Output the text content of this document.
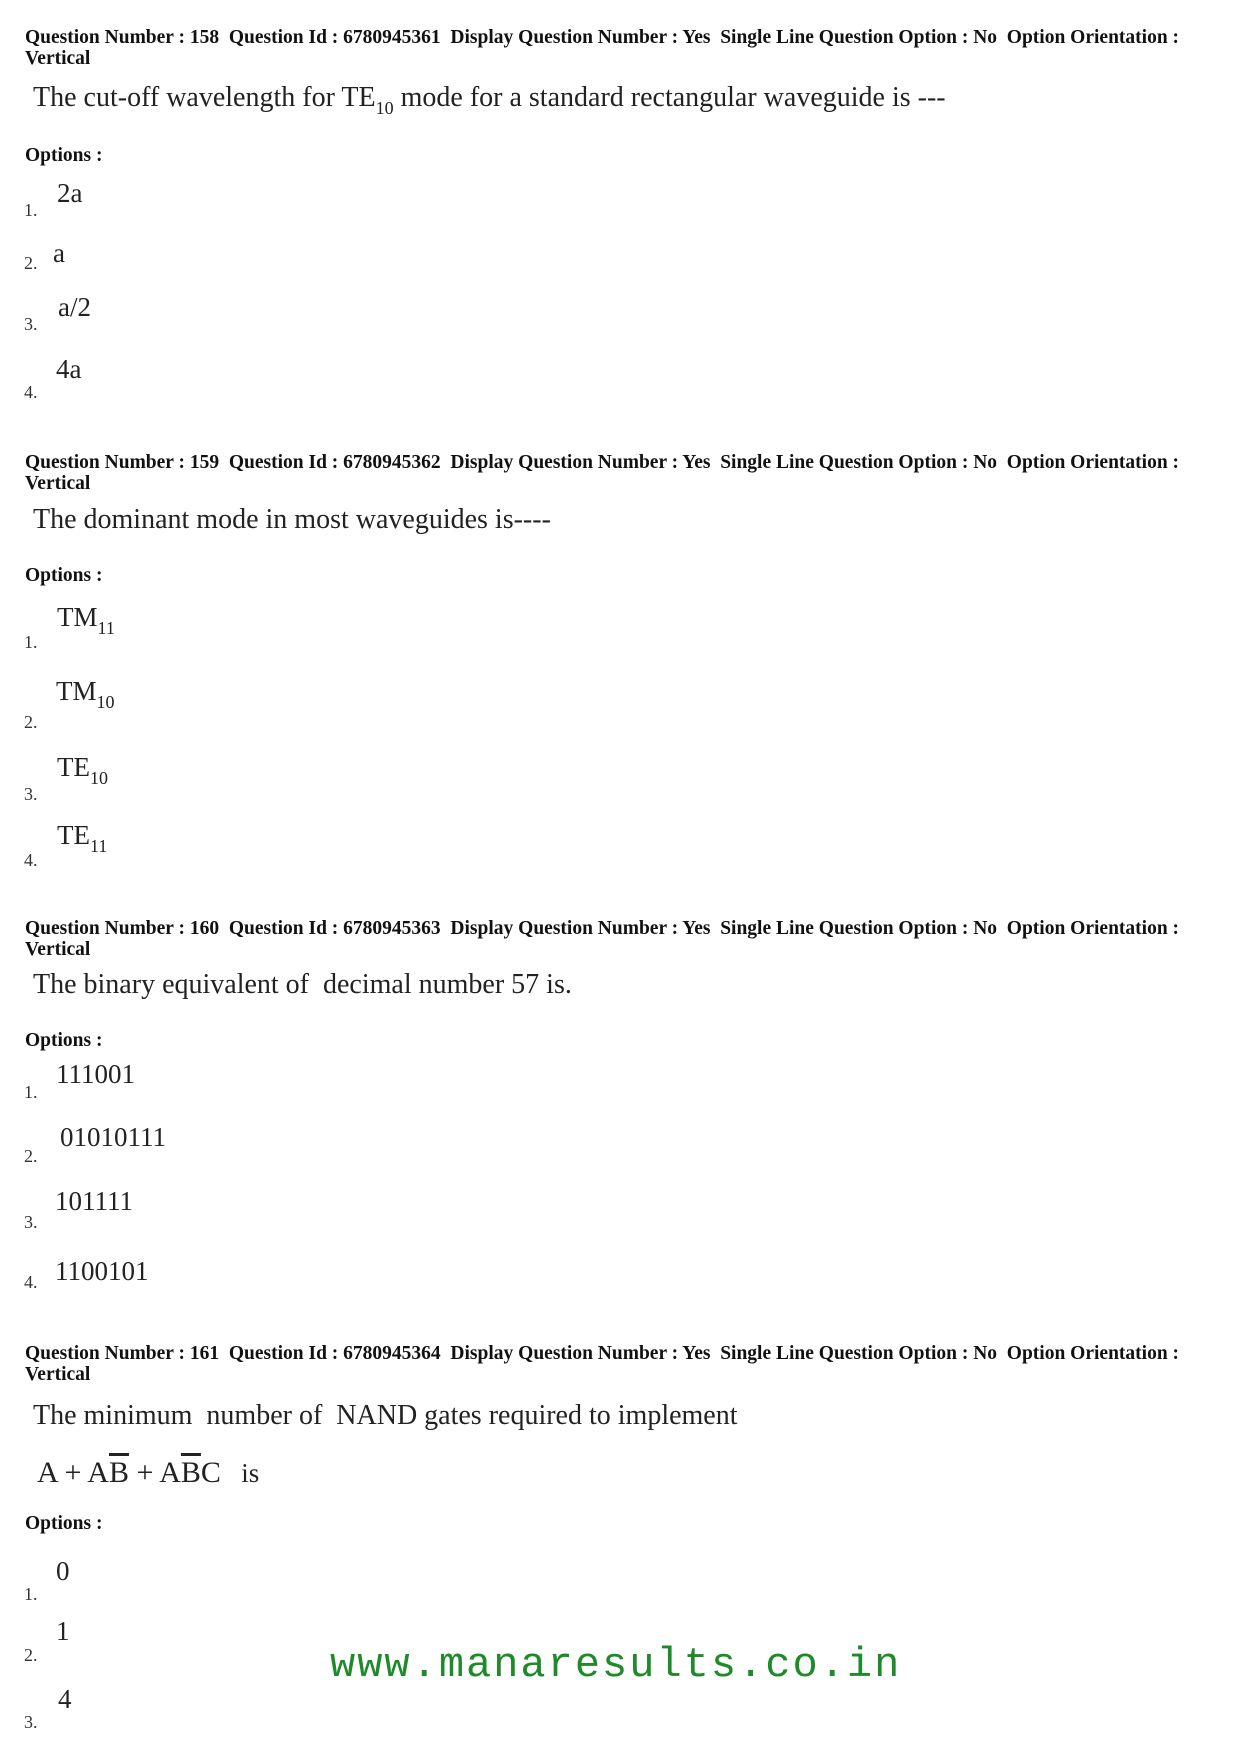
Question Number : 158  Question Id : 6780945361  Display Question Number : Yes  Single Line Question Option : No  Option Orientation : Vertical

The cut-off wavelength for $TE_{10}$ mode for a standard rectangular waveguide is ---

Options :

1.
2a
2. a
3.
a/2
4.
4a

Question Number : 159  Question Id : 6780945362  Display Question Number : Yes  Single Line Question Option : No  Option Orientation : Vertical

The dominant mode in most waveguides is----

Options :

1.
$TM_{11}$
2.
$TM_{10}$
3.
$TE_{10}$
4.
$TE_{11}$

Question Number : 160  Question Id : 6780945363  Display Question Number : Yes  Single Line Question Option : No  Option Orientation : Vertical

The binary equivalent of  decimal number 57 is.

Options :

1.
111001
2.
01010111
3.
101111
4. 1100101

Question Number : 161  Question Id : 6780945364  Display Question Number : Yes  Single Line Question Option : No  Option Orientation : Vertical

The minimum  number of  NAND gates required to implement

$A + A\overline{B} + A\overline{B}C$   is

Options :

1.
0
2.
1
3.
4
www.manaresults.co.in
